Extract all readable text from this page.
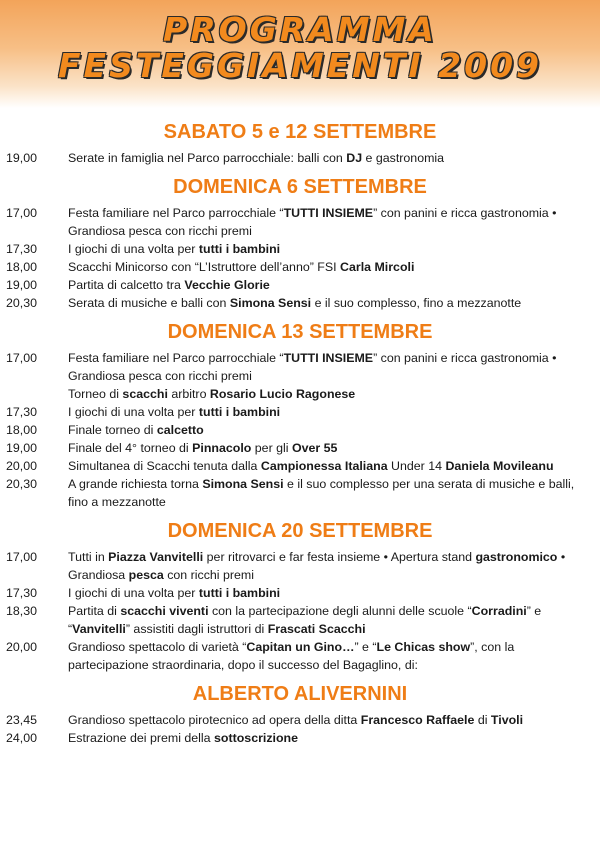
PROGRAMMA
FESTEGGIAMENTI 2009
SABATO 5 e 12 SETTEMBRE
19,00	Serate in famiglia nel Parco parrocchiale: balli con DJ e gastronomia
DOMENICA 6 SETTEMBRE
17,00	Festa familiare nel Parco parrocchiale “TUTTI INSIEME” con panini e ricca gastronomia • Grandiosa pesca con ricchi premi
17,30	I giochi di una volta per tutti i bambini
18,00	Scacchi Minicorso con “L’Istruttore dell’anno” FSI Carla Mircoli
19,00	Partita di calcetto tra Vecchie Glorie
20,30	Serata di musiche e balli con Simona Sensi e il suo complesso, fino a mezzanotte
DOMENICA 13 SETTEMBRE
17,00	Festa familiare nel Parco parrocchiale “TUTTI INSIEME” con panini e ricca gastronomia • Grandiosa pesca con ricchi premi
Torneo di scacchi arbitro Rosario Lucio Ragonese
17,30	I giochi di una volta per tutti i bambini
18,00	Finale torneo di calcetto
19,00	Finale del 4° torneo di Pinnacolo per gli Over 55
20,00	Simultanea di Scacchi tenuta dalla Campionessa Italiana Under 14 Daniela Movileanu
20,30	A grande richiesta torna Simona Sensi e il suo complesso per una serata di musiche e balli, fino a mezzanotte
DOMENICA 20 SETTEMBRE
17,00	Tutti in Piazza Vanvitelli per ritrovarci e far festa insieme • Apertura stand gastronomico • Grandiosa pesca con ricchi premi
17,30	I giochi di una volta per tutti i bambini
18,30	Partita di scacchi viventi con la partecipazione degli alunni delle scuole “Corradini” e “Vanvitelli” assistiti dagli istruttori di Frascati Scacchi
20,00	Grandioso spettacolo di varietà “Capitan un Gino…” e “Le Chicas show”, con la partecipazione straordinaria, dopo il successo del Bagaglino, di:
ALBERTO ALIVERNINI
23,45	Grandioso spettacolo pirotecnico ad opera della ditta Francesco Raffaele di Tivoli
24,00	Estrazione dei premi della sottoscrizione
